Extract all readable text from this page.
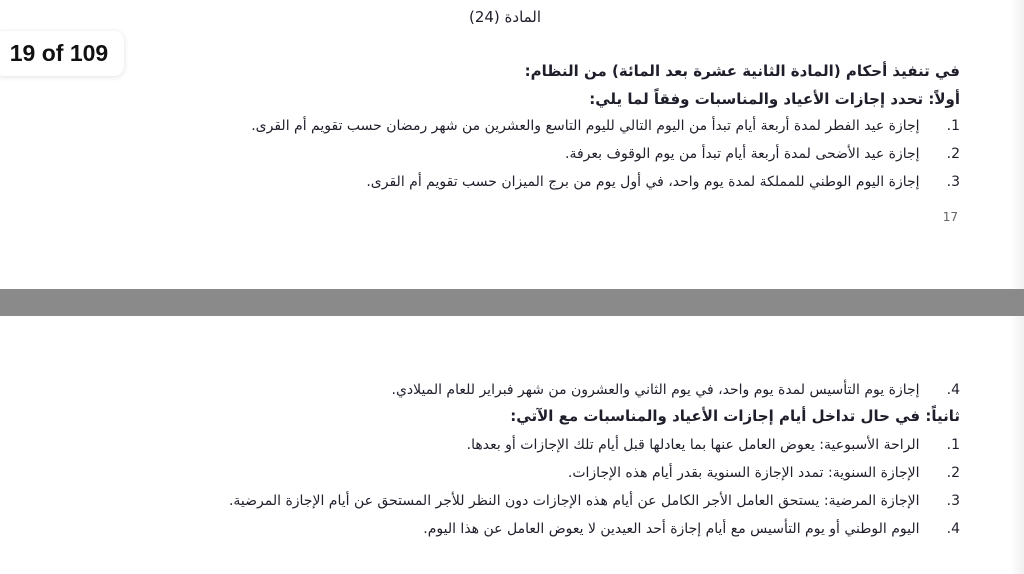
المادة (24)
في تنفيذ أحكام (المادة الثانية عشرة بعد المائة) من النظام:
أولاً: تحدد إجازات الأعياد والمناسبات وفقاً لما يلي:
1. إجازة عيد الفطر لمدة أربعة أيام تبدأ من اليوم التالي لليوم التاسع والعشرين من شهر رمضان حسب تقويم أم القرى.
2. إجازة عيد الأضحى لمدة أربعة أيام تبدأ من يوم الوقوف بعرفة.
3. إجازة اليوم الوطني للمملكة لمدة يوم واحد، في أول يوم من برج الميزان حسب تقويم أم القرى.
17
4. إجازة يوم التأسيس لمدة يوم واحد، في يوم الثاني والعشرون من شهر فبراير للعام الميلادي.
ثانياً: في حال تداخل أيام إجازات الأعياد والمناسبات مع الآتي:
1. الراحة الأسبوعية: يعوض العامل عنها بما يعادلها قبل أيام تلك الإجازات أو بعدها.
2. الإجازة السنوية: تمدد الإجازة السنوية بقدر أيام هذه الإجازات.
3. الإجازة المرضية: يستحق العامل الأجر الكامل عن أيام هذه الإجازات دون النظر للأجر المستحق عن أيام الإجازة المرضية.
4. اليوم الوطني أو يوم التأسيس مع أيام إجازة أحد العيدين لا يعوض العامل عن هذا اليوم.
19 of 109
